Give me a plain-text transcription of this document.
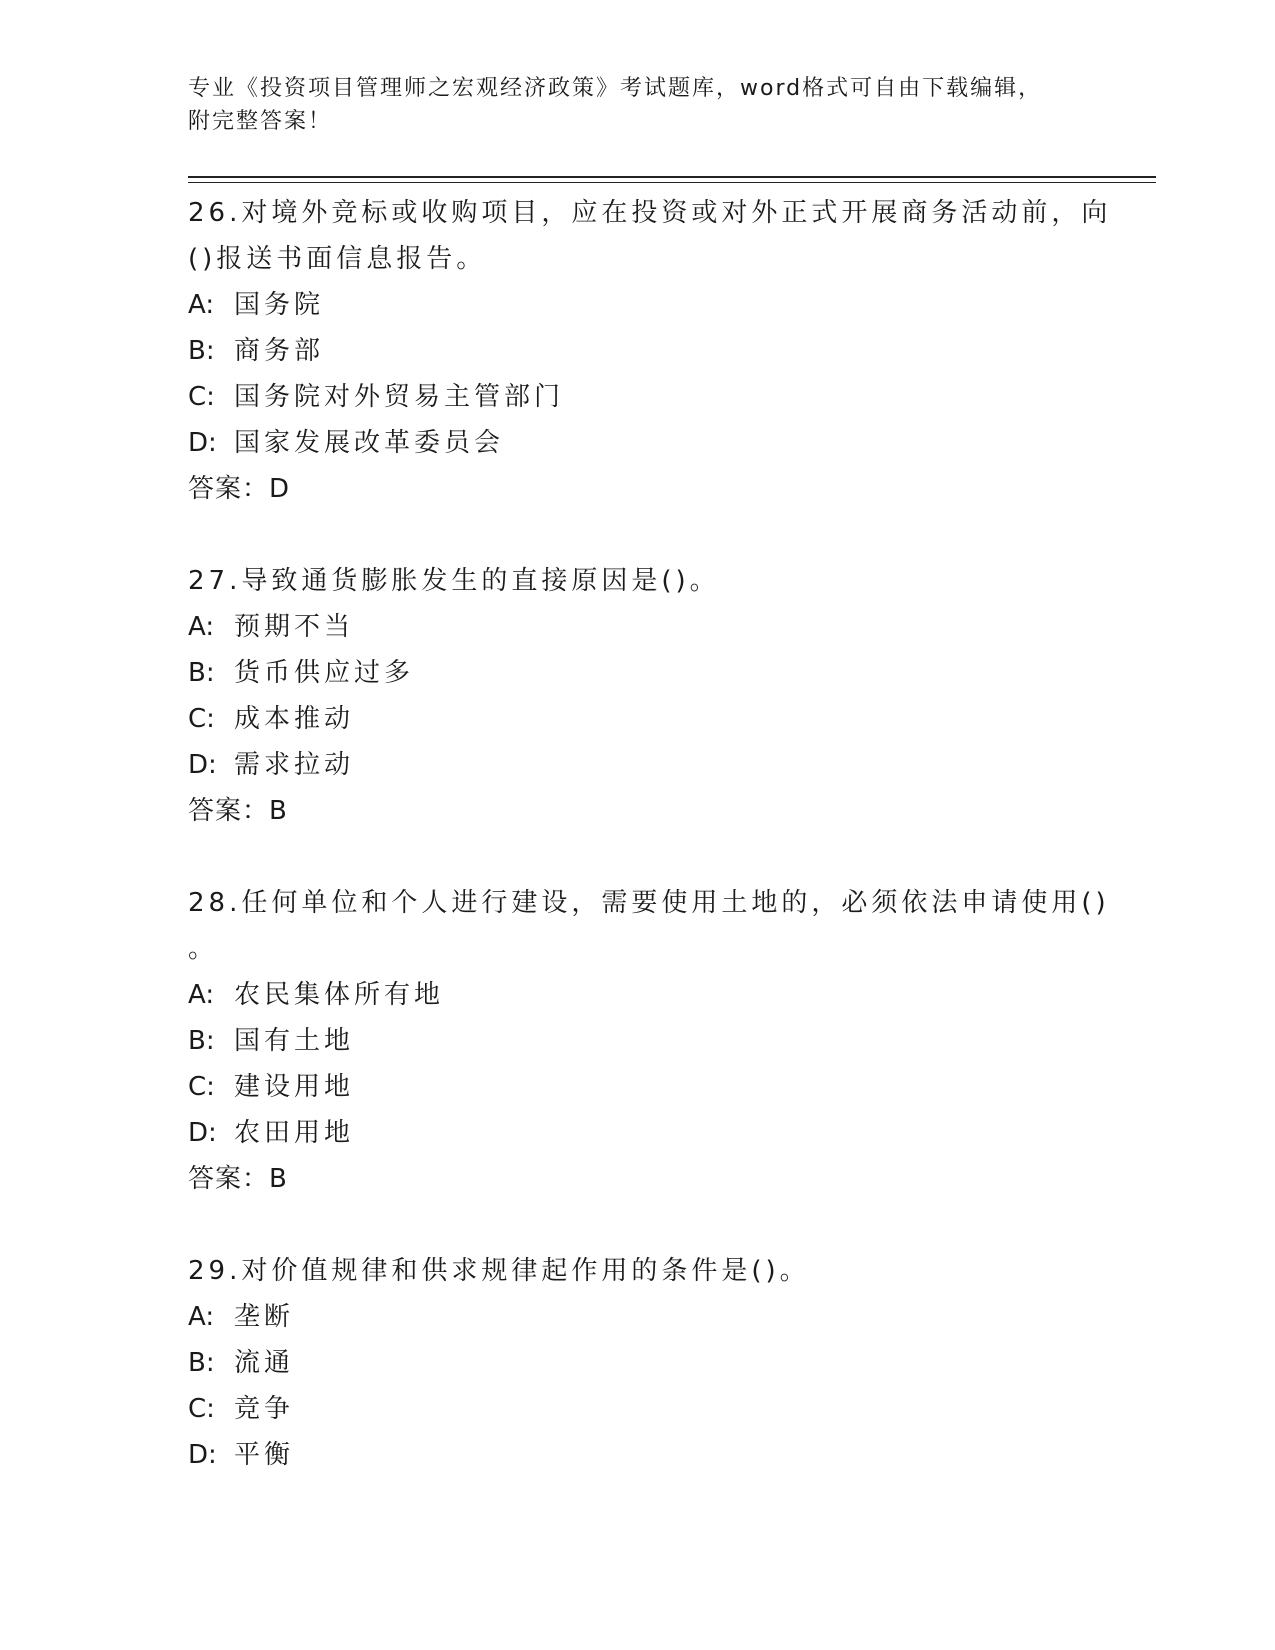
专业《投资项目管理师之宏观经济政策》考试题库，word格式可自由下载编辑，
附完整答案！
26.对境外竞标或收购项目，应在投资或对外正式开展商务活动前，向
()报送书面信息报告。
A: 国务院
B: 商务部
C: 国务院对外贸易主管部门
D: 国家发展改革委员会
答案：D
27.导致通货膨胀发生的直接原因是()。
A: 预期不当
B: 货币供应过多
C: 成本推动
D: 需求拉动
答案：B
28.任何单位和个人进行建设，需要使用土地的，必须依法申请使用()
。
A: 农民集体所有地
B: 国有土地
C: 建设用地
D: 农田用地
答案：B
29.对价值规律和供求规律起作用的条件是()。
A: 垄断
B: 流通
C: 竞争
D: 平衡
